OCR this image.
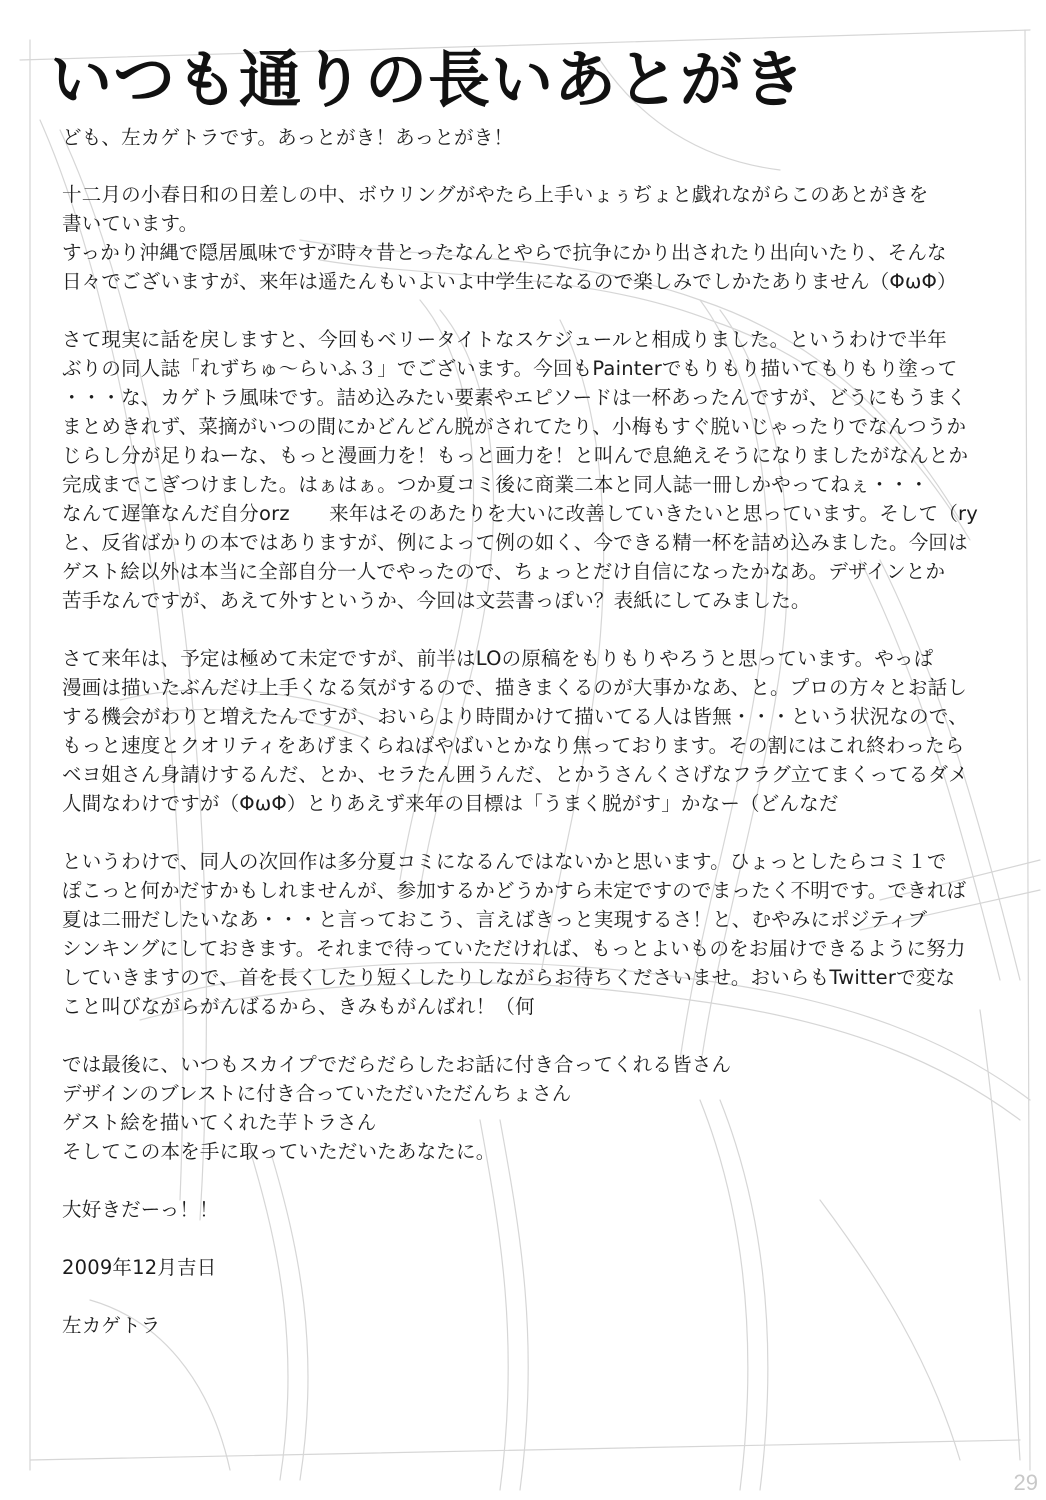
いつも通りの長いあとがき
ども、左カゲトラです。あっとがき！あっとがき！
十二月の小春日和の日差しの中、ボウリングがやたら上手いょぅぢょと戯れながらこのあとがきを
書いています。
すっかり沖縄で隠居風味ですが時々昔とったなんとやらで抗争にかり出されたり出向いたり、そんな
日々でございますが、来年は遥たんもいよいよ中学生になるので楽しみでしかたありません（ΦωΦ）
さて現実に話を戻しますと、今回もベリータイトなスケジュールと相成りました。というわけで半年
ぶりの同人誌「れずちゅ～らいふ３」でございます。今回もPainterでもりもり描いてもりもり塗って
・・・な、カゲトラ風味です。詰め込みたい要素やエピソードは一杯あったんですが、どうにもうまく
まとめきれず、菜摘がいつの間にかどんどん脱がされてたり、小梅もすぐ脱いじゃったりでなんつうか
じらし分が足りねーな、もっと漫画力を！もっと画力を！と叫んで息絶えそうになりましたがなんとか
完成までこぎつけました。はぁはぁ。つか夏コミ後に商業二本と同人誌一冊しかやってねぇ・・・
なんて遅筆なんだ自分orz　　来年はそのあたりを大いに改善していきたいと思っています。そして（ry
と、反省ばかりの本ではありますが、例によって例の如く、今できる精一杯を詰め込みました。今回は
ゲスト絵以外は本当に全部自分一人でやったので、ちょっとだけ自信になったかなあ。デザインとか
苦手なんですが、あえて外すというか、今回は文芸書っぽい？表紙にしてみました。
さて来年は、予定は極めて未定ですが、前半はLOの原稿をもりもりやろうと思っています。やっぱ
漫画は描いたぶんだけ上手くなる気がするので、描きまくるのが大事かなあ、と。プロの方々とお話し
する機会がわりと増えたんですが、おいらより時間かけて描いてる人は皆無・・・という状況なので、
もっと速度とクオリティをあげまくらねばやばいとかなり焦っております。その割にはこれ終わったら
ベヨ姐さん身請けするんだ、とか、セラたん囲うんだ、とかうさんくさげなフラグ立てまくってるダメ
人間なわけですが（ΦωΦ）とりあえず来年の目標は「うまく脱がす」かなー（どんなだ
というわけで、同人の次回作は多分夏コミになるんではないかと思います。ひょっとしたらコミ１で
ぽこっと何かだすかもしれませんが、参加するかどうかすら未定ですのでまったく不明です。できれば
夏は二冊だしたいなあ・・・と言っておこう、言えばきっと実現するさ！と、むやみにポジティブ
シンキングにしておきます。それまで待っていただければ、もっとよいものをお届けできるように努力
していきますので、首を長くしたり短くしたりしながらお待ちくださいませ。おいらもTwitterで変な
こと叫びながらがんばるから、きみもがんばれ！（何
では最後に、いつもスカイプでだらだらしたお話に付き合ってくれる皆さん
デザインのブレストに付き合っていただいただんちょさん
ゲスト絵を描いてくれた芋トラさん
そしてこの本を手に取っていただいたあなたに。
大好きだーっ！！
2009年12月吉日
左カゲトラ
29
